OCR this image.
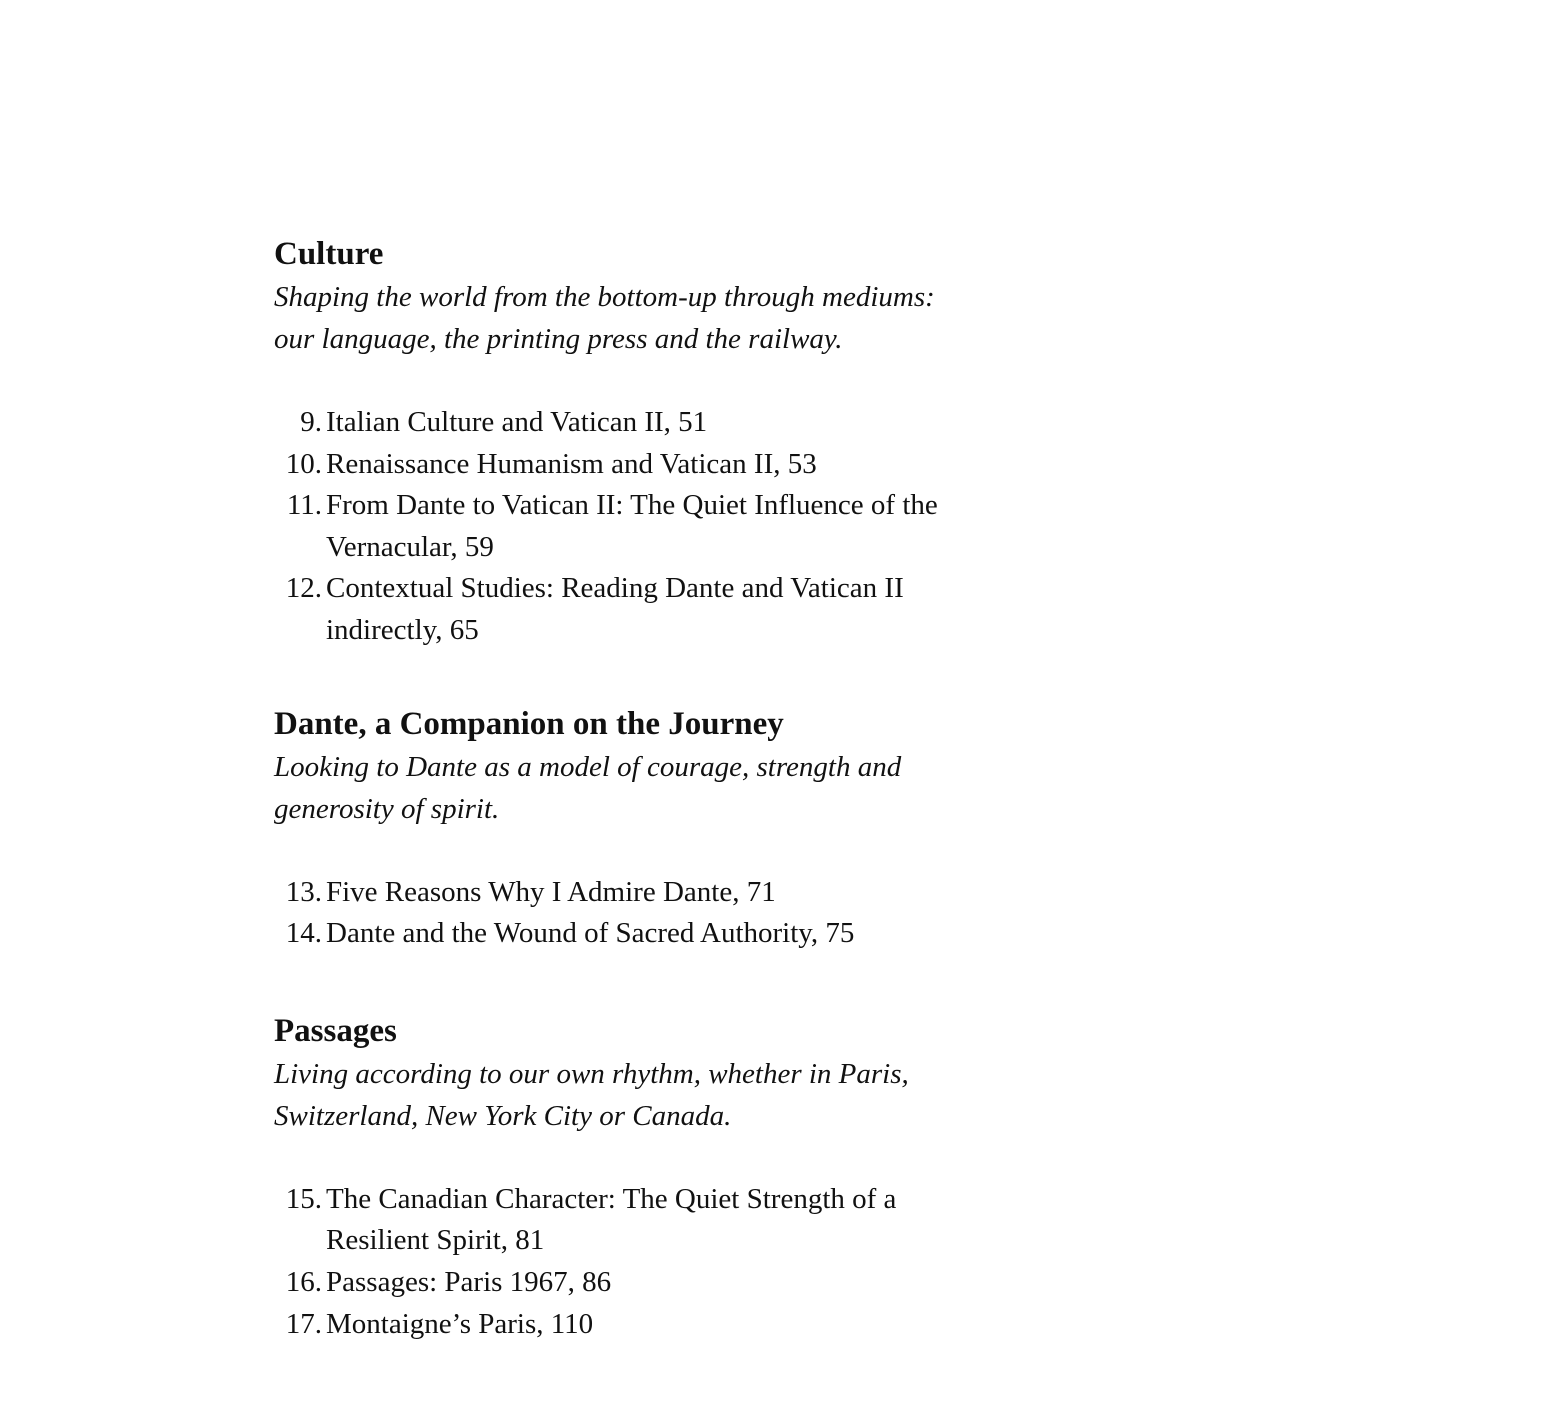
Culture

Shaping the world from the bottom-up through mediums:
our language, the printing press and the railway.

9. Italian Culture and Vatican II, 51
10. Renaissance Humanism and Vatican II, 53
11. From Dante to Vatican II: The Quiet Influence of the
Vernacular, 59
12. Contextual Studies: Reading Dante and Vatican II
indirectly, 65
Dante, a Companion on the Journey

Looking to Dante as a model of courage, strength and
generosity of spirit.

13. Five Reasons Why I Admire Dante, 71
14. Dante and the Wound of Sacred Authority, 75
Passages

Living according to our own rhythm, whether in Paris,
Switzerland, New York City or Canada.

15. The Canadian Character: The Quiet Strength of a
Resilient Spirit, 81
16. Passages: Paris 1967, 86
17. Montaigne’s Paris, 110
